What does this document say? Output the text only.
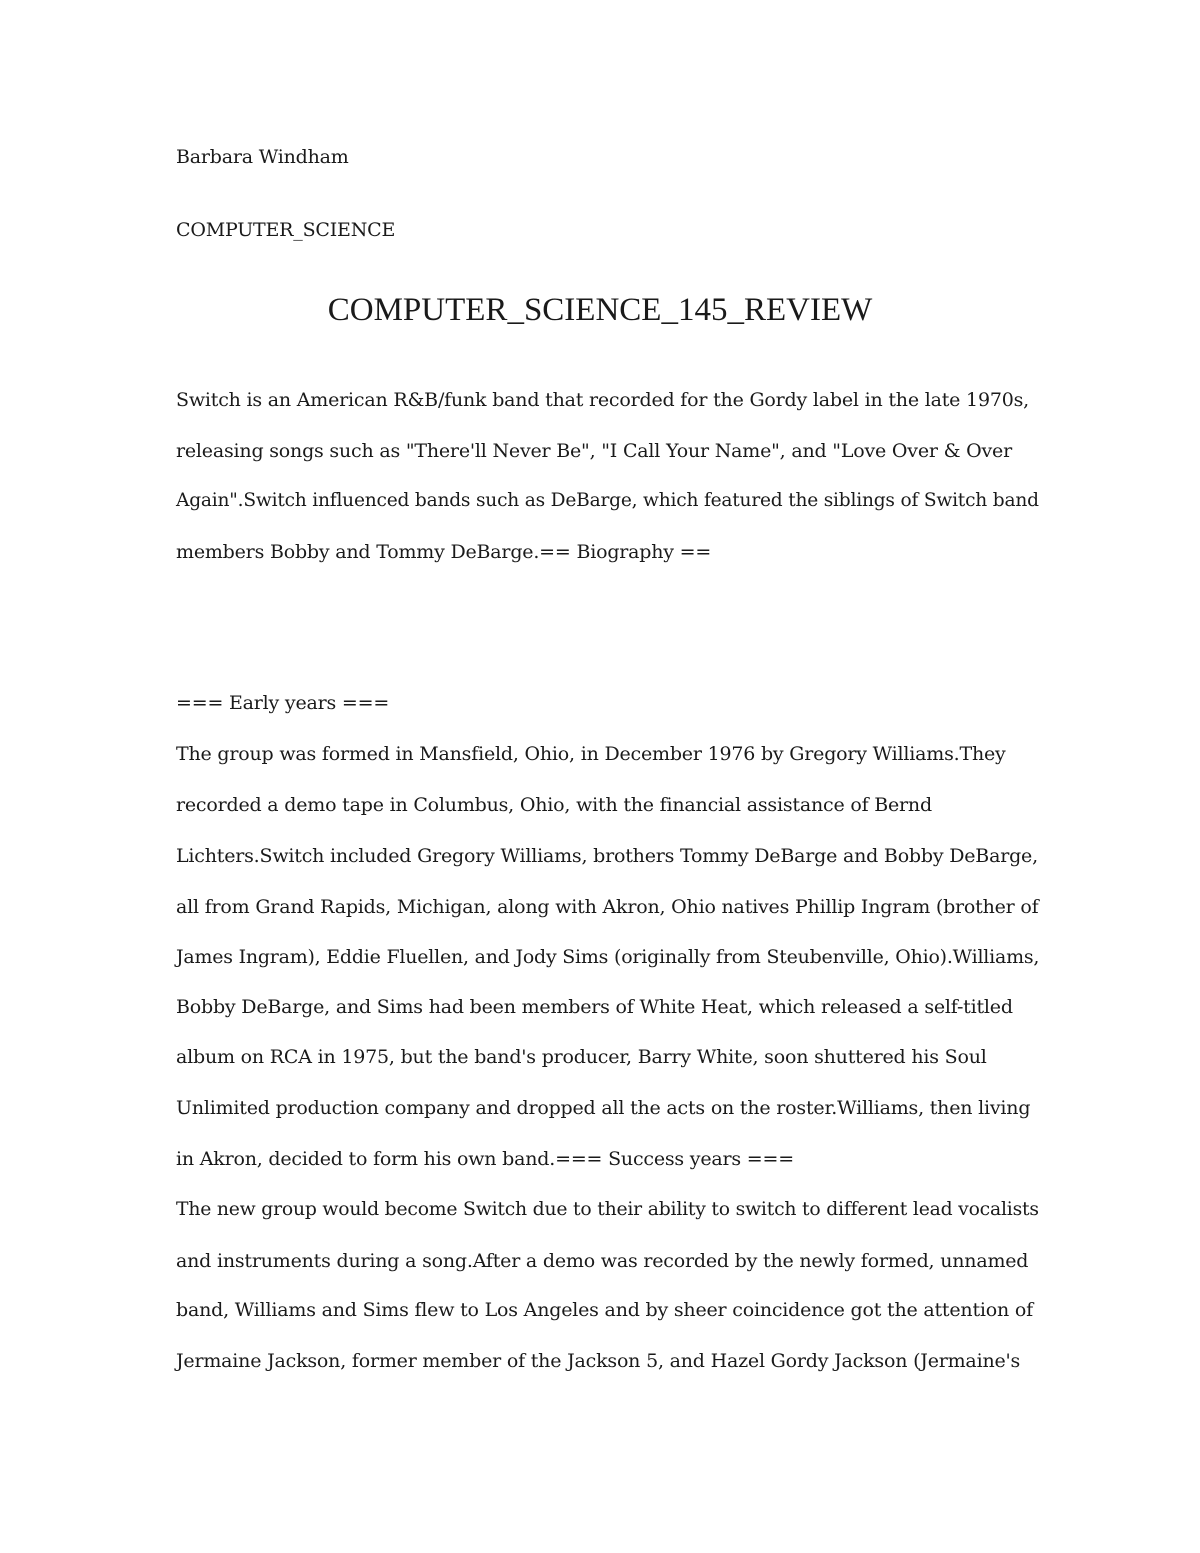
Barbara Windham
COMPUTER_SCIENCE
COMPUTER_SCIENCE_145_REVIEW
Switch is an American R&B/funk band that recorded for the Gordy label in the late 1970s,
releasing songs such as "There'll Never Be", "I Call Your Name", and "Love Over & Over
Again".Switch influenced bands such as DeBarge, which featured the siblings of Switch band
members Bobby and Tommy DeBarge.== Biography ==
=== Early years ===
The group was formed in Mansfield, Ohio, in December 1976 by Gregory Williams.They
recorded a demo tape in Columbus, Ohio, with the financial assistance of Bernd
Lichters.Switch included Gregory Williams, brothers Tommy DeBarge and Bobby DeBarge,
all from Grand Rapids, Michigan, along with Akron, Ohio natives Phillip Ingram (brother of
James Ingram), Eddie Fluellen, and Jody Sims (originally from Steubenville, Ohio).Williams,
Bobby DeBarge, and Sims had been members of White Heat, which released a self-titled
album on RCA in 1975, but the band's producer, Barry White, soon shuttered his Soul
Unlimited production company and dropped all the acts on the roster.Williams, then living
in Akron, decided to form his own band.=== Success years ===
The new group would become Switch due to their ability to switch to different lead vocalists
and instruments during a song.After a demo was recorded by the newly formed, unnamed
band, Williams and Sims flew to Los Angeles and by sheer coincidence got the attention of
Jermaine Jackson, former member of the Jackson 5, and Hazel Gordy Jackson (Jermaine's
